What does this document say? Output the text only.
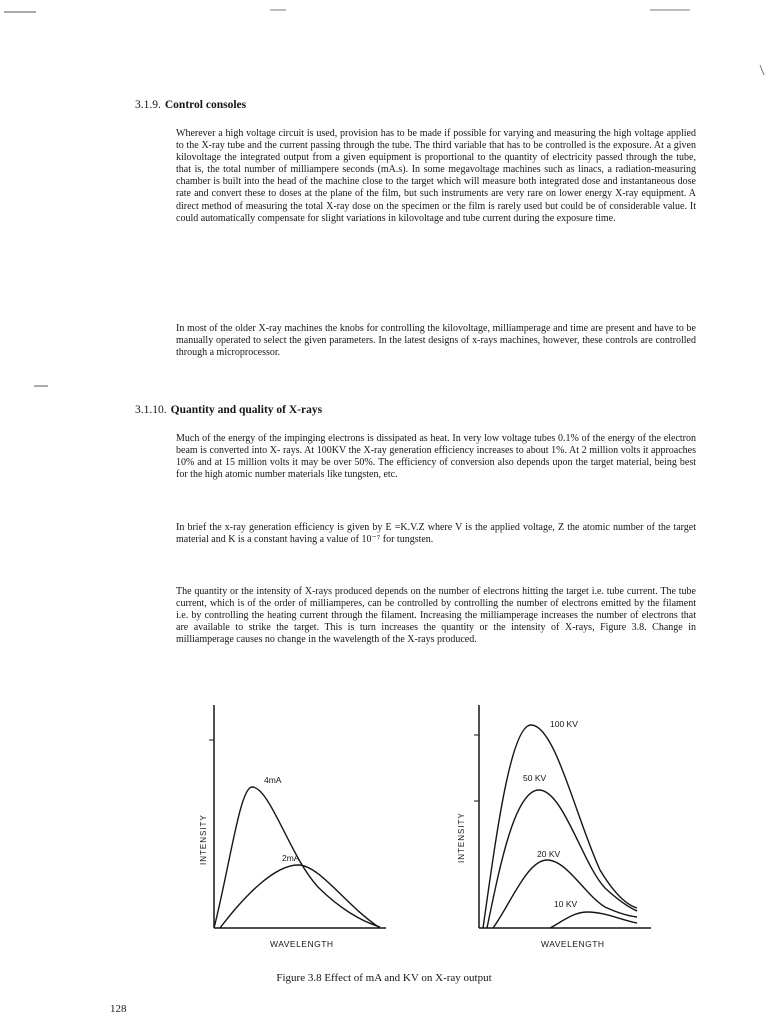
3.1.9. Control consoles

Wherever a high voltage circuit is used, provision has to be made if possible for varying and measuring the high voltage applied to the X-ray tube and the current passing through the tube. The third variable that has to be controlled is the exposure. At a given kilovoltage the integrated output from a given equipment is proportional to the quantity of electricity passed through the tube, that is, the total number of milliampere seconds (mA.s). In some megavoltage machines such as linacs, a radiation-measuring chamber is built into the head of the machine close to the target which will measure both integrated dose and instantaneous dose rate and convert these to doses at the plane of the film, but such instruments are very rare on lower energy X-ray equipment. A direct method of measuring the total X-ray dose on the specimen or the film is rarely used but could be of considerable value. It could automatically compensate for slight variations in kilovoltage and tube current during the exposure time.

In most of the older X-ray machines the knobs for controlling the kilovoltage, milliamperage and time are present and have to be manually operated to select the given parameters. In the latest designs of x-rays machines, however, these controls are controlled through a microprocessor.

3.1.10. Quantity and quality of X-rays

Much of the energy of the impinging electrons is dissipated as heat. In very low voltage tubes 0.1% of the energy of the electron beam is converted into X- rays. At 100KV the X-ray generation efficiency increases to about 1%. At 2 million volts it approaches 10% and at 15 million volts it may be over 50%. The efficiency of conversion also depends upon the target material, being best for the high atomic number materials like tungsten, etc.

In brief the x-ray generation efficiency is given by E =K.V.Z where V is the applied voltage, Z the atomic number of the target material and K is a constant having a value of 10⁻⁷ for tungsten.

The quantity or the intensity of X-rays produced depends on the number of electrons hitting the target i.e. tube current. The tube current, which is of the order of milliamperes, can be controlled by controlling the number of electrons emitted by the filament i.e. by controlling the heating current through the filament. Increasing the milliamperage increases the number of electrons that are available to strike the target. This is turn increases the quantity or the intensity of X-rays, Figure 3.8. Change in milliamperage causes no change in the wavelength of the X-rays produced.

4mA
2mA
INTENSITY
WAVELENGTH
100 KV
50 KV
20 KV
10 KV
INTENSITY
WAVELENGTH
Figure 3.8 Effect of mA and KV on X-ray output
128
